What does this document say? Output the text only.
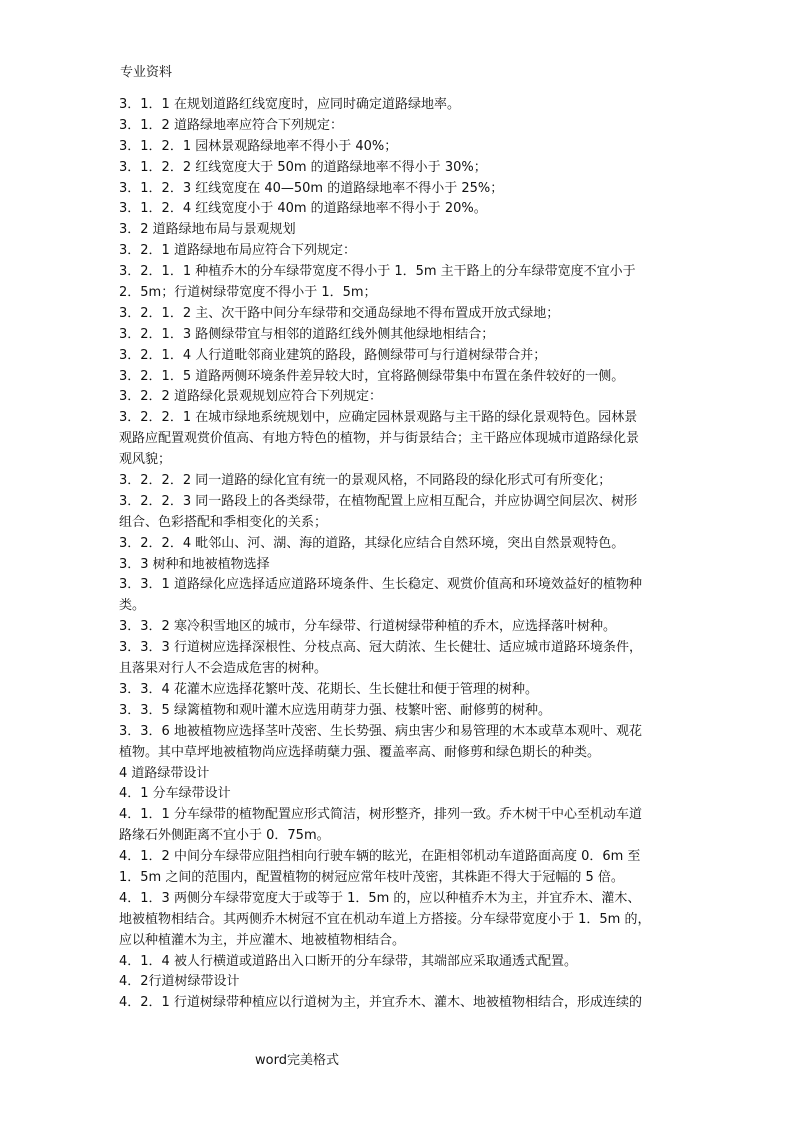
专业资料
3．1．1 在规划道路红线宽度时，应同时确定道路绿地率。
3．1．2 道路绿地率应符合下列规定：
3．1．2．1 园林景观路绿地率不得小于 40%；
3．1．2．2 红线宽度大于 50m 的道路绿地率不得小于 30%；
3．1．2．3 红线宽度在 40—50m 的道路绿地率不得小于 25%；
3．1．2．4 红线宽度小于 40m 的道路绿地率不得小于 20%。
3．2 道路绿地布局与景观规划
3．2．1 道路绿地布局应符合下列规定：
3．2．1．1 种植乔木的分车绿带宽度不得小于 1．5m 主干路上的分车绿带宽度不宜小于
2．5m；行道树绿带宽度不得小于 1．5m；
3．2．1．2 主、次干路中间分车绿带和交通岛绿地不得布置成开放式绿地；
3．2．1．3 路侧绿带宜与相邻的道路红线外侧其他绿地相结合；
3．2．1．4 人行道毗邻商业建筑的路段，路侧绿带可与行道树绿带合并；
3．2．1．5 道路两侧环境条件差异较大时，宜将路侧绿带集中布置在条件较好的一侧。
3．2．2 道路绿化景观规划应符合下列规定：
3．2．2．1 在城市绿地系统规划中，应确定园林景观路与主干路的绿化景观特色。园林景
观路应配置观赏价值高、有地方特色的植物，并与街景结合；主干路应体现城市道路绿化景
观风貌；
3．2．2．2 同一道路的绿化宜有统一的景观风格，不同路段的绿化形式可有所变化；
3．2．2．3 同一路段上的各类绿带，在植物配置上应相互配合，并应协调空间层次、树形
组合、色彩搭配和季相变化的关系；
3．2．2．4 毗邻山、河、湖、海的道路，其绿化应结合自然环境，突出自然景观特色。
3．3 树种和地被植物选择
3．3．1 道路绿化应选择适应道路环境条件、生长稳定、观赏价值高和环境效益好的植物种
类。
3．3．2 寒冷积雪地区的城市，分车绿带、行道树绿带种植的乔木，应选择落叶树种。
3．3．3 行道树应选择深根性、分枝点高、冠大荫浓、生长健壮、适应城市道路环境条件，
且落果对行人不会造成危害的树种。
3．3．4 花灌木应选择花繁叶茂、花期长、生长健壮和便于管理的树种。
3．3．5 绿篱植物和观叶灌木应选用萌芽力强、枝繁叶密、耐修剪的树种。
3．3．6 地被植物应选择茎叶茂密、生长势强、病虫害少和易管理的木本或草本观叶、观花
植物。其中草坪地被植物尚应选择萌蘖力强、覆盖率高、耐修剪和绿色期长的种类。
4 道路绿带设计
4．1 分车绿带设计
4．1．1 分车绿带的植物配置应形式简洁，树形整齐，排列一致。乔木树干中心至机动车道
路缘石外侧距离不宜小于 0．75m。
4．1．2 中间分车绿带应阻挡相向行驶车辆的眩光，在距相邻机动车道路面高度 0．6m 至
1．5m 之间的范围内，配置植物的树冠应常年枝叶茂密，其株距不得大于冠幅的 5 倍。
4．1．3 两侧分车绿带宽度大于或等于 1．5m 的，应以种植乔木为主，并宜乔木、灌木、
地被植物相结合。其两侧乔木树冠不宜在机动车道上方搭接。分车绿带宽度小于 1．5m 的，
应以种植灌木为主，并应灌木、地被植物相结合。
4．1．4 被人行横道或道路出入口断开的分车绿带，其端部应采取通透式配置。
4．2行道树绿带设计
4．2．1 行道树绿带种植应以行道树为主，并宜乔木、灌木、地被植物相结合，形成连续的
word完美格式
